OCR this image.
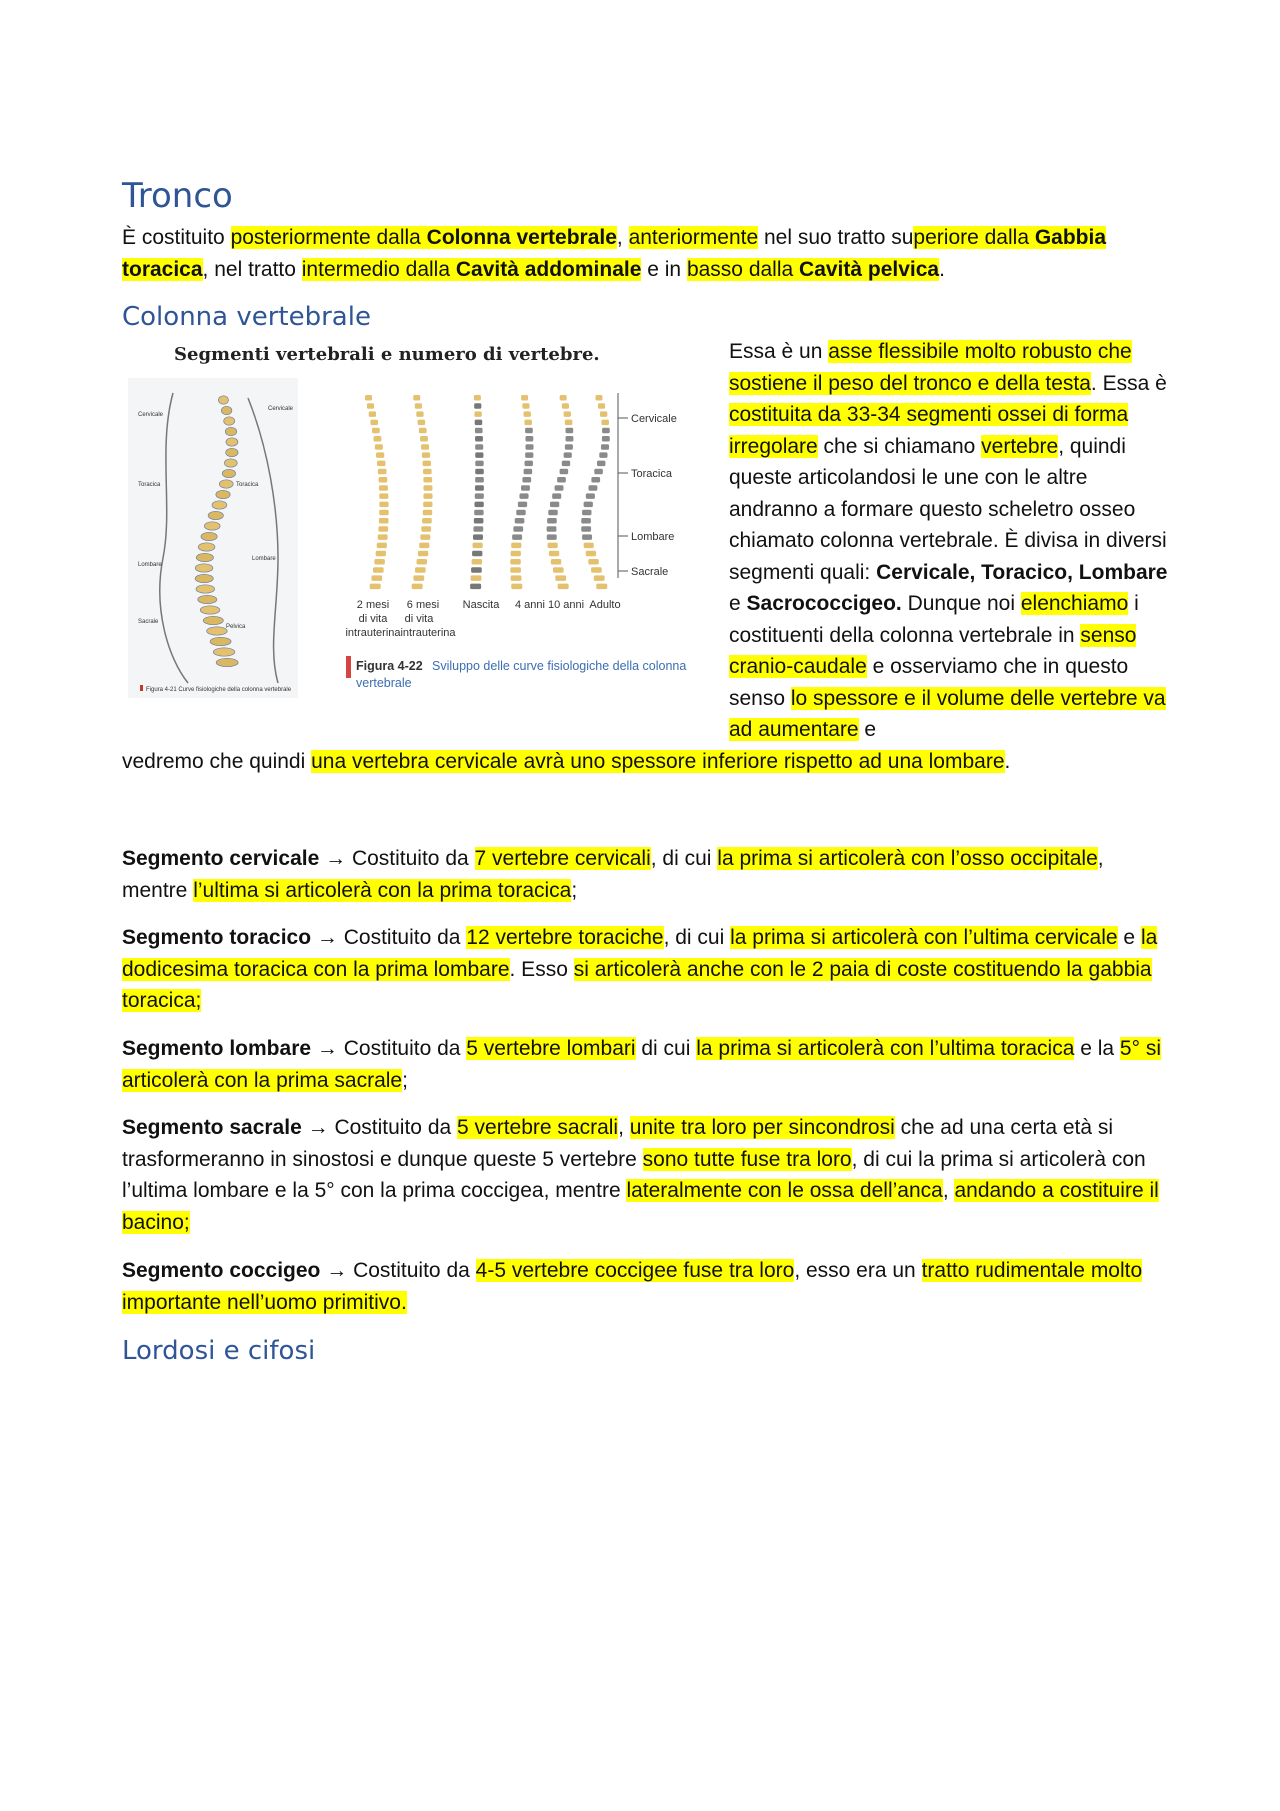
Tronco
È costituito posteriormente dalla Colonna vertebrale, anteriormente nel suo tratto superiore dalla Gabbia toracica, nel tratto intermedio dalla Cavità addominale e in basso dalla Cavità pelvica.
Colonna vertebrale
Segmenti vertebrali e numero di vertebre.
Cervicale
Toracica
Lombare
Sacrale
Cervicale
Toracica
Lombare
Pelvica
Figura 4-21 Curve fisiologiche della colonna vertebrale
Cervicale
Toracica
Lombare
Sacrale
2 mesi
di vita
intrauterina
6 mesi
di vita
intrauterina
Nascita 4 anni 10 anni Adulto
Figura 4-22 Sviluppo delle curve fisiologiche della colonna
vertebrale
Essa è un asse flessibile molto robusto che sostiene il peso del tronco e della testa. Essa è costituita da 33-34 segmenti ossei di forma irregolare che si chiamano vertebre, quindi queste articolandosi le une con le altre andranno a formare questo scheletro osseo chiamato colonna vertebrale. È divisa in diversi segmenti quali: Cervicale, Toracico, Lombare e Sacrococcigeo. Dunque noi elenchiamo i costituenti della colonna vertebrale in senso cranio-caudale e osserviamo che in questo senso lo spessore e il volume delle vertebre va ad aumentare e
vedremo che quindi una vertebra cervicale avrà uno spessore inferiore rispetto ad una lombare.
Segmento cervicale → Costituito da 7 vertebre cervicali, di cui la prima si articolerà con l’osso occipitale, mentre l’ultima si articolerà con la prima toracica;
Segmento toracico → Costituito da 12 vertebre toraciche, di cui la prima si articolerà con l’ultima cervicale e la dodicesima toracica con la prima lombare. Esso si articolerà anche con le 2 paia di coste costituendo la gabbia toracica;
Segmento lombare → Costituito da 5 vertebre lombari di cui la prima si articolerà con l’ultima toracica e la 5° si articolerà con la prima sacrale;
Segmento sacrale → Costituito da 5 vertebre sacrali, unite tra loro per sincondrosi che ad una certa età si trasformeranno in sinostosi e dunque queste 5 vertebre sono tutte fuse tra loro, di cui la prima si articolerà con l’ultima lombare e la 5° con la prima coccigea, mentre lateralmente con le ossa dell’anca, andando a costituire il bacino;
Segmento coccigeo → Costituito da 4-5 vertebre coccigee fuse tra loro, esso era un tratto rudimentale molto importante nell’uomo primitivo.
Lordosi e cifosi
